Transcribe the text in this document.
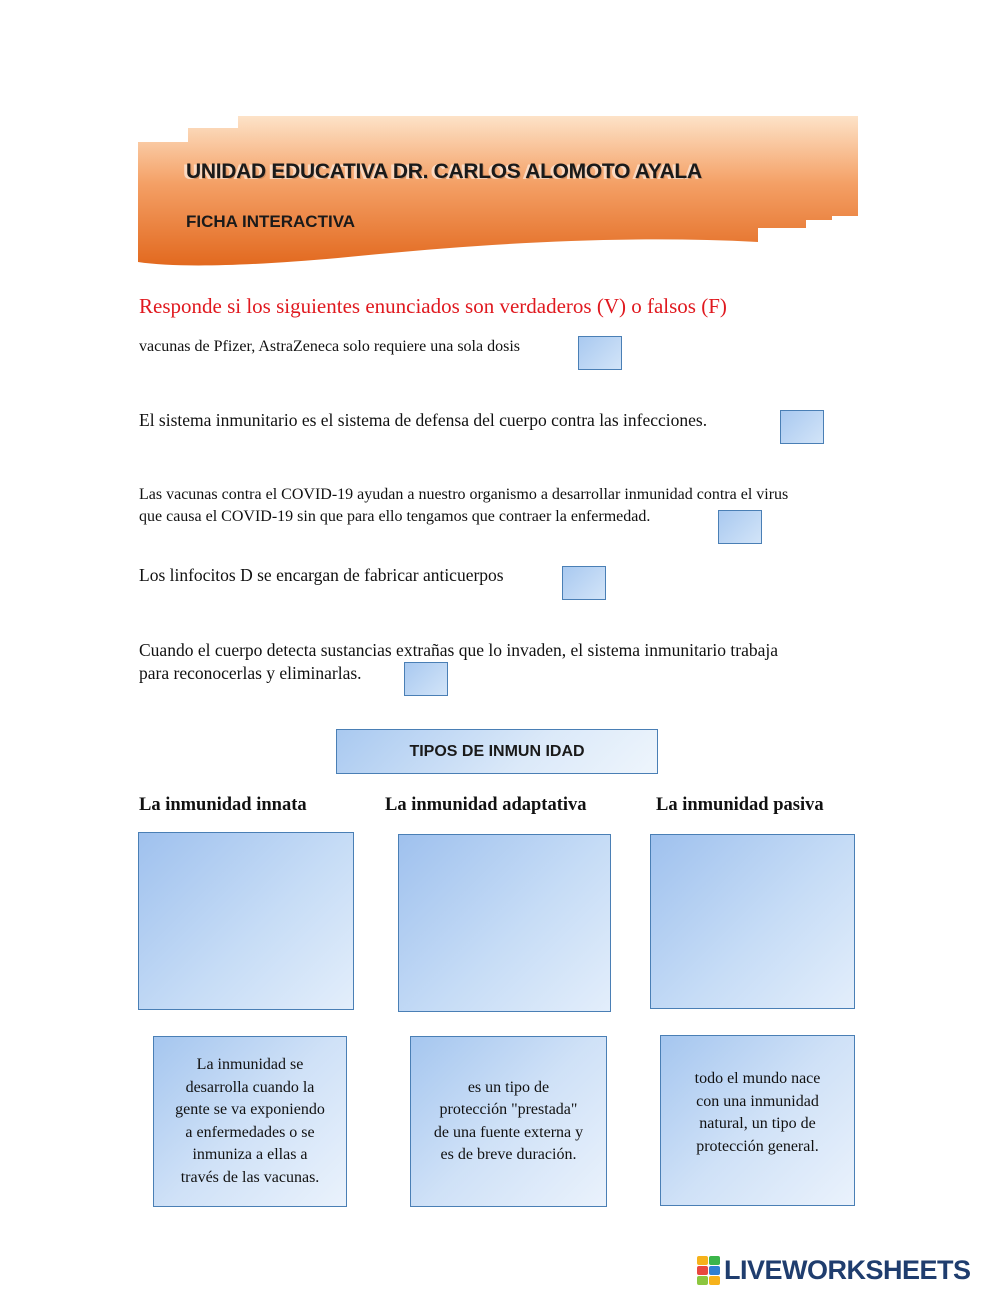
UNIDAD EDUCATIVA DR. CARLOS ALOMOTO AYALA
FICHA INTERACTIVA
Responde si los siguientes enunciados son verdaderos (V) o falsos (F)
vacunas de Pfizer, AstraZeneca solo requiere una sola dosis
El sistema inmunitario es el sistema de defensa del cuerpo contra las infecciones.
Las vacunas contra el COVID-19 ayudan a nuestro organismo a desarrollar inmunidad contra el virus
que causa el COVID-19 sin que para ello tengamos que contraer la enfermedad.
Los linfocitos D se encargan de fabricar anticuerpos
Cuando el cuerpo detecta sustancias extrañas que lo invaden, el sistema inmunitario trabaja
para reconocerlas y eliminarlas.
TIPOS DE INMUN IDAD
La inmunidad innata	La inmunidad adaptativa	La inmunidad pasiva
La inmunidad se
desarrolla cuando la
gente se va exponiendo
a enfermedades o se
inmuniza a ellas a
través de las vacunas.
es un tipo de
protección "prestada"
de una fuente externa y
es de breve duración.
todo el mundo nace
con una inmunidad
natural, un tipo de
protección general.
LIVEWORKSHEETS
